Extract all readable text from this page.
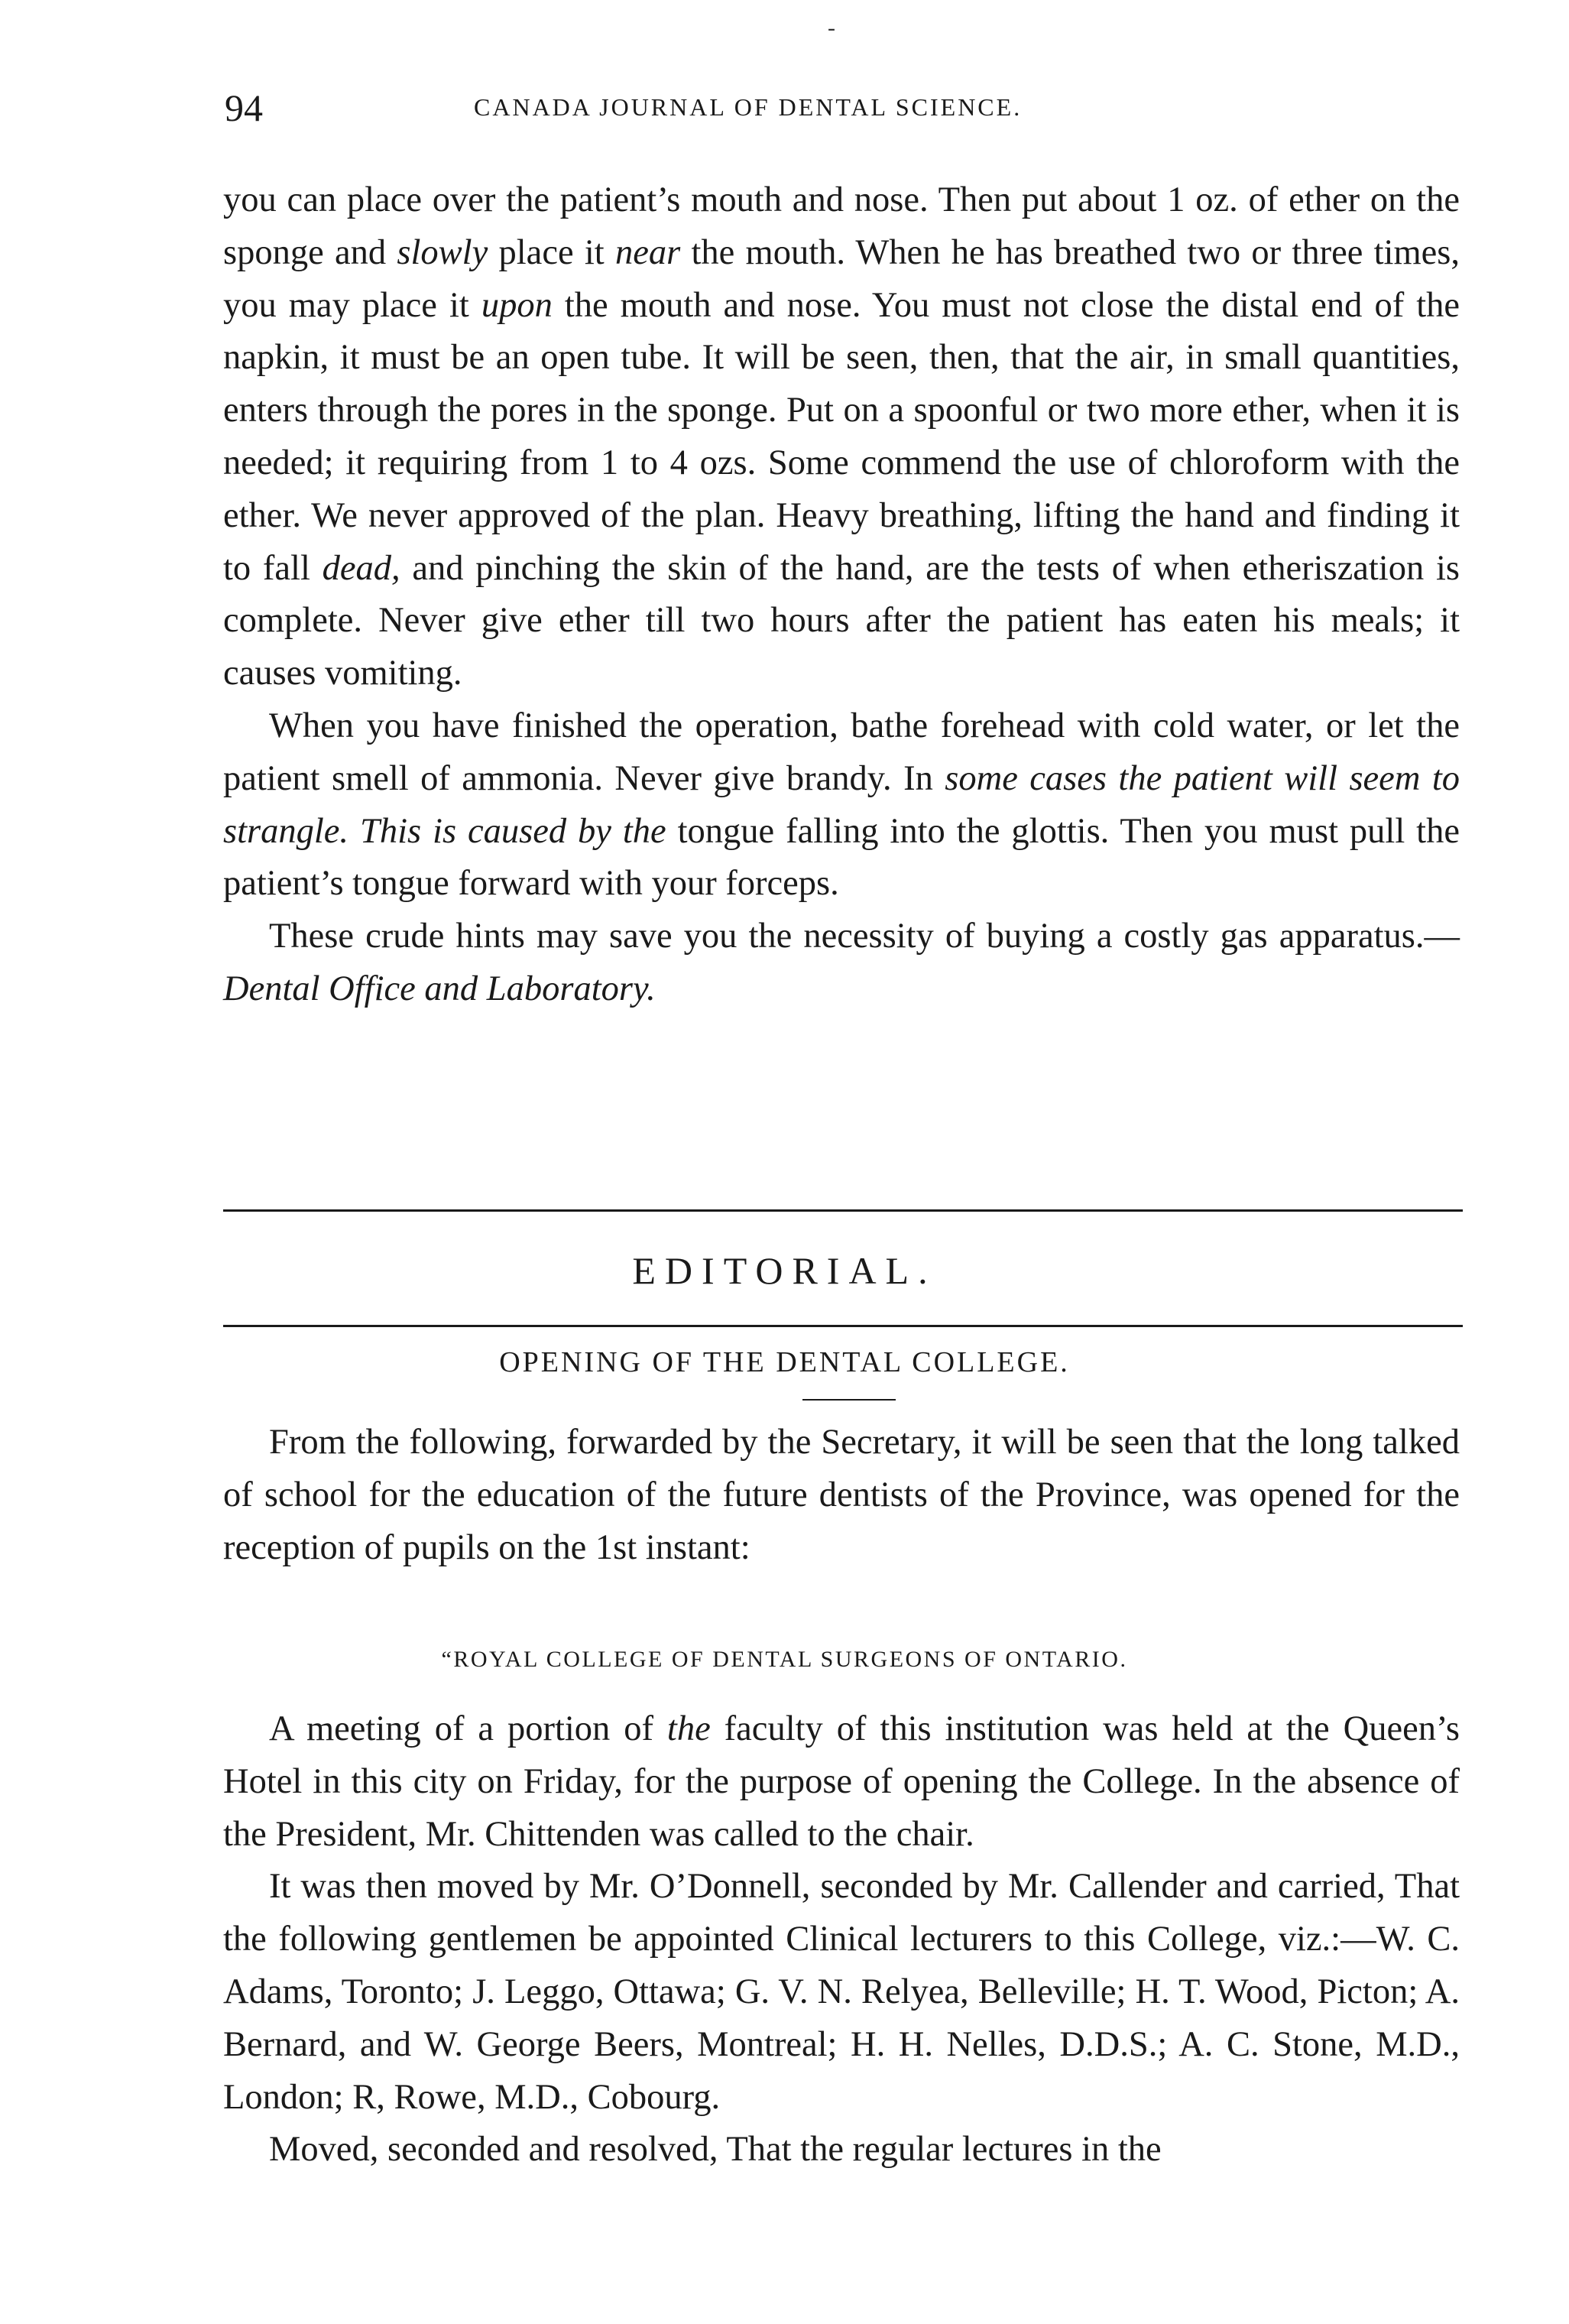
-
94	CANADA JOURNAL OF DENTAL SCIENCE.

you can place over the patient’s mouth and nose. Then put about 1 oz. of ether on the sponge and slowly place it near the mouth. When he has breathed two or three times, you may place it upon the mouth and nose. You must not close the distal end of the napkin, it must be an open tube. It will be seen, then, that the air, in small quantities, enters through the pores in the sponge. Put on a spoonful or two more ether, when it is needed; it requiring from 1 to 4 ozs. Some commend the use of chloroform with the ether. We never approved of the plan. Heavy breathing, lifting the hand and finding it to fall dead, and pinching the skin of the hand, are the tests of when etheriszation is complete. Never give ether till two hours after the patient has eaten his meals; it causes vomiting.

When you have finished the operation, bathe forehead with cold water, or let the patient smell of ammonia. Never give brandy. In some cases the patient will seem to strangle. This is caused by the tongue falling into the glottis. Then you must pull the patient’s tongue forward with your forceps.

These crude hints may save you the necessity of buying a costly gas apparatus.—Dental Office and Laboratory.

EDITORIAL.
OPENING OF THE DENTAL COLLEGE.

From the following, forwarded by the Secretary, it will be seen that the long talked of school for the education of the future dentists of the Province, was opened for the reception of pupils on the 1st instant:

“ROYAL COLLEGE OF DENTAL SURGEONS OF ONTARIO.

A meeting of a portion of the faculty of this institution was held at the Queen’s Hotel in this city on Friday, for the purpose of opening the College. In the absence of the President, Mr. Chittenden was called to the chair.

It was then moved by Mr. O’Donnell, seconded by Mr. Callender and carried, That the following gentlemen be appointed Clinical lecturers to this College, viz.:—W. C. Adams, Toronto; J. Leggo, Ottawa; G. V. N. Relyea, Belleville; H. T. Wood, Picton; A. Bernard, and W. George Beers, Montreal; H. H. Nelles, D.D.S.; A. C. Stone, M.D., London; R, Rowe, M.D., Cobourg.

Moved, seconded and resolved, That the regular lectures in the
